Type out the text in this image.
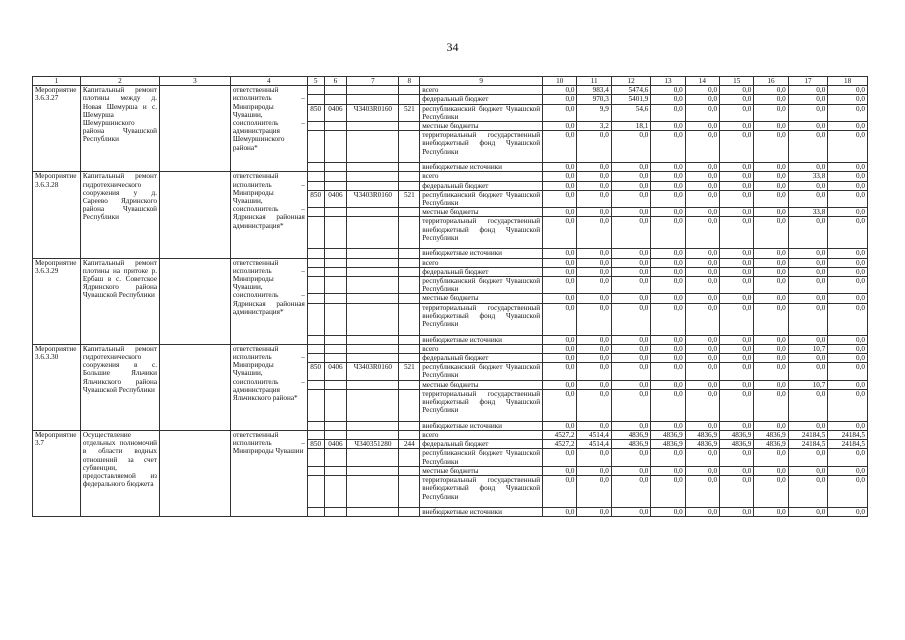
34
1	2	3	4	5	6	7	8	9	10	11	12	13	14	15	16	17	18
Мероприятие 3.6.3.27	Капитальный ремонт плотины между д. Новая Шемурша и с. Шемурша Шемуршинского района Чувашской Республики		ответственный исполнитель – Минприроды Чувашии, соисполнитель – администрация Шемуршинского района*					всего	0,0	983,4	5474,6	0,0	0,0	0,0	0,0	0,0	0,0
								федеральный бюджет	0,0	970,3	5401,9	0,0	0,0	0,0	0,0	0,0	0,0
				850	0406	Ч3403R0160	521	республиканский бюджет Чувашской Республики	0,0	9,9	54,6	0,0	0,0	0,0	0,0	0,0	0,0
								местные бюджеты	0,0	3,2	18,1	0,0	0,0	0,0	0,0	0,0	0,0
								территориальный государственный внебюджетный фонд Чувашской Республики	0,0	0,0	0,0	0,0	0,0	0,0	0,0	0,0	0,0
								внебюджетные источники	0,0	0,0	0,0	0,0	0,0	0,0	0,0	0,0	0,0
Мероприятие 3.6.3.28	Капитальный ремонт гидротехнического сооружения у д. Сареево Ядринского района Чувашской Республики		ответственный исполнитель – Минприроды Чувашии, соисполнитель – Ядринская районная администрация*					всего	0,0	0,0	0,0	0,0	0,0	0,0	0,0	33,8	0,0
								федеральный бюджет	0,0	0,0	0,0	0,0	0,0	0,0	0,0	0,0	0,0
				850	0406	Ч3403R0160	521	республиканский бюджет Чувашской Республики	0,0	0,0	0,0	0,0	0,0	0,0	0,0	0,0	0,0
								местные бюджеты	0,0	0,0	0,0	0,0	0,0	0,0	0,0	33,8	0,0
								территориальный государственный внебюджетный фонд Чувашской Республики	0,0	0,0	0,0	0,0	0,0	0,0	0,0	0,0	0,0
								внебюджетные источники	0,0	0,0	0,0	0,0	0,0	0,0	0,0	0,0	0,0
Мероприятие 3.6.3.29	Капитальный ремонт плотины на притоке р. Ербаш в с. Советское Ядринского района Чувашской Республики		ответственный исполнитель – Минприроды Чувашии, соисполнитель – Ядринская районная администрация*					всего	0,0	0,0	0,0	0,0	0,0	0,0	0,0	0,0	0,0
								федеральный бюджет	0,0	0,0	0,0	0,0	0,0	0,0	0,0	0,0	0,0
								республиканский бюджет Чувашской Республики	0,0	0,0	0,0	0,0	0,0	0,0	0,0	0,0	0,0
								местные бюджеты	0,0	0,0	0,0	0,0	0,0	0,0	0,0	0,0	0,0
								территориальный государственный внебюджетный фонд Чувашской Республики	0,0	0,0	0,0	0,0	0,0	0,0	0,0	0,0	0,0
								внебюджетные источники	0,0	0,0	0,0	0,0	0,0	0,0	0,0	0,0	0,0
Мероприятие 3.6.3.30	Капитальный ремонт гидротехнического сооружения в с. Большие Яльчики Яльчикского района Чувашской Республики		ответственный исполнитель – Минприроды Чувашии, соисполнитель – администрация Яльчикского района*					всего	0,0	0,0	0,0	0,0	0,0	0,0	0,0	10,7	0,0
								федеральный бюджет	0,0	0,0	0,0	0,0	0,0	0,0	0,0	0,0	0,0
				850	0406	Ч3403R0160	521	республиканский бюджет Чувашской Республики	0,0	0,0	0,0	0,0	0,0	0,0	0,0	0,0	0,0
								местные бюджеты	0,0	0,0	0,0	0,0	0,0	0,0	0,0	10,7	0,0
								территориальный государственный внебюджетный фонд Чувашской Республики	0,0	0,0	0,0	0,0	0,0	0,0	0,0	0,0	0,0
								внебюджетные источники	0,0	0,0	0,0	0,0	0,0	0,0	0,0	0,0	0,0
Мероприятие 3.7	Осуществление отдельных полномочий в области водных отношений за счет субвенции, предоставляемой из федерального бюджета		ответственный исполнитель – Минприроды Чувашии					всего	4527,2	4514,4	4836,9	4836,9	4836,9	4836,9	4836,9	24184,5	24184,5
				850	0406	Ч340351280	244	федеральный бюджет	4527,2	4514,4	4836,9	4836,9	4836,9	4836,9	4836,9	24184,5	24184,5
								республиканский бюджет Чувашской Республики	0,0	0,0	0,0	0,0	0,0	0,0	0,0	0,0	0,0
								местные бюджеты	0,0	0,0	0,0	0,0	0,0	0,0	0,0	0,0	0,0
								территориальный государственный внебюджетный фонд Чувашской Республики	0,0	0,0	0,0	0,0	0,0	0,0	0,0	0,0	0,0
								внебюджетные источники	0,0	0,0	0,0	0,0	0,0	0,0	0,0	0,0	0,0
